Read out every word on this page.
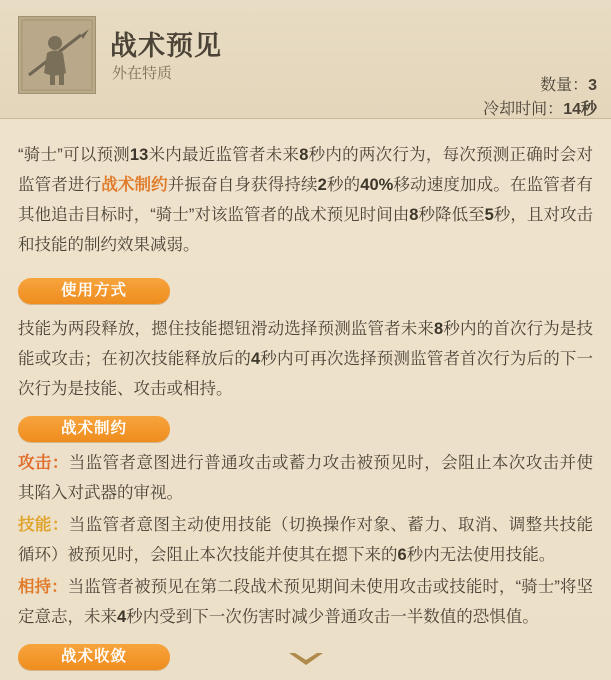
战术预见
外在特质
数量：3
冷却时间：14秒

“骑士”可以预测13米内最近监管者未来8秒内的两次行为，每次预测正确时会对监管者进行战术制约并振奋自身获得持续2秒的40%移动速度加成。在监管者有其他追击目标时，“骑士”对该监管者的战术预见时间由8秒降低至5秒，且对攻击和技能的制约效果减弱。

使用方式

技能为两段释放，摁住技能摁钮滑动选择预测监管者未来8秒内的首次行为是技能或攻击；在初次技能释放后的4秒内可再次选择预测监管者首次行为后的下一次行为是技能、攻击或相持。

战术制约

攻击：当监管者意图进行普通攻击或蓄力攻击被预见时，会阻止本次攻击并使其陷入对武器的审视。

技能：当监管者意图主动使用技能（切换操作对象、蓄力、取消、调整共技能循环）被预见时，会阻止本次技能并使其在摁下来的6秒内无法使用技能。

相持：当监管者被预见在第二段战术预见期间未使用攻击或技能时，“骑士”将坚定意志，未来4秒内受到下一次伤害时减少普通攻击一半数值的恐惧值。

战术收敛
